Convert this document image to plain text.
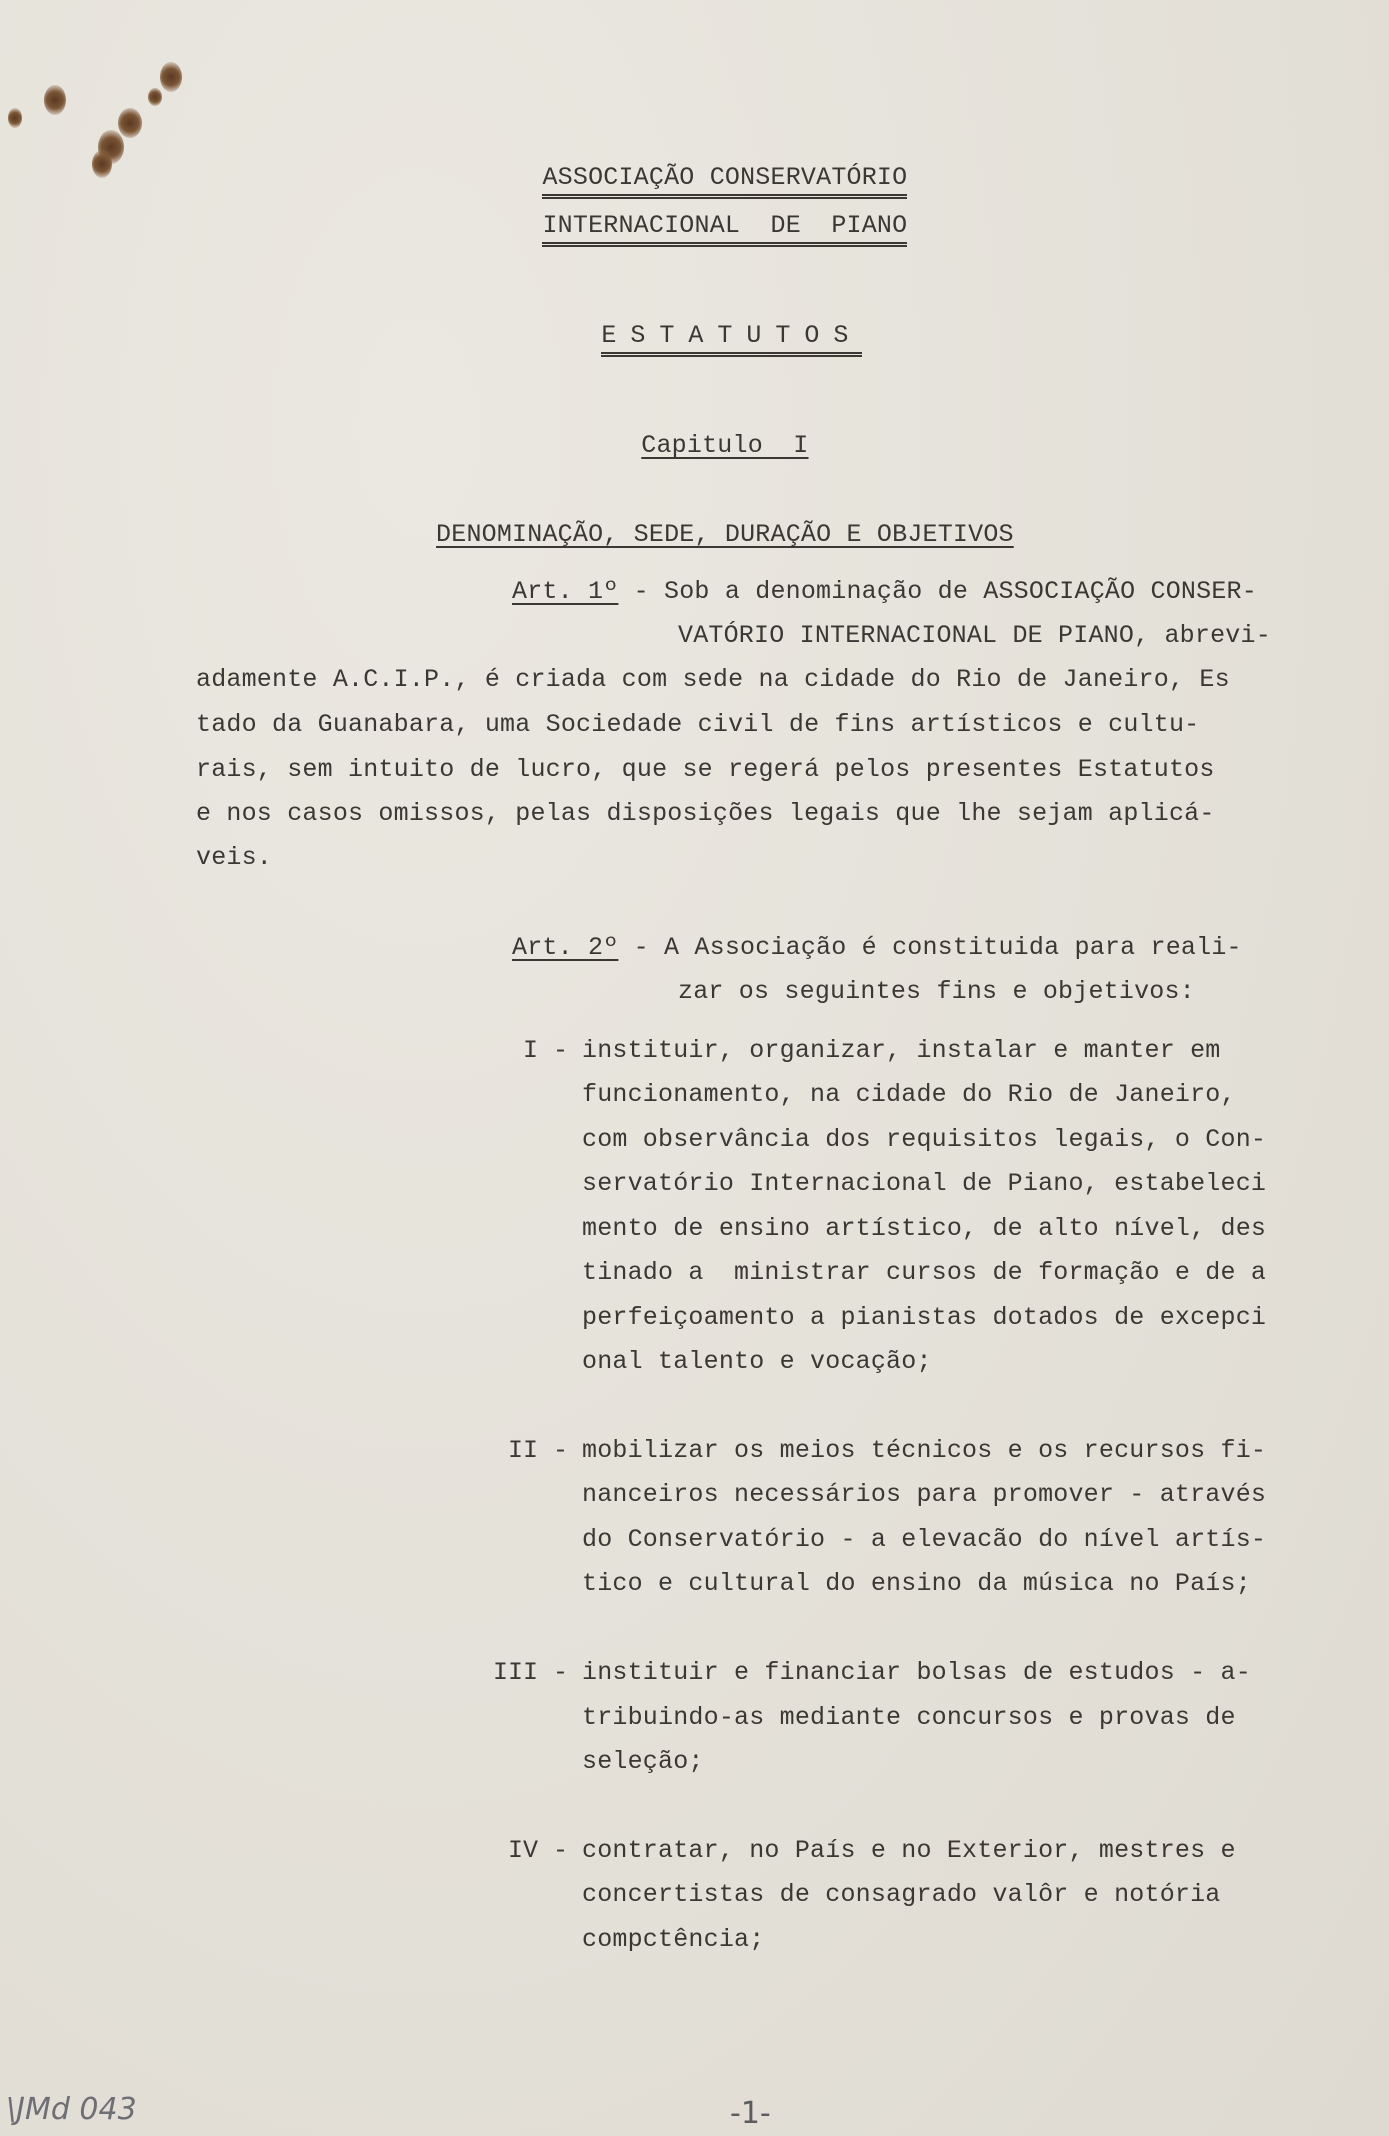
ASSOCIAÇÃO CONSERVATÓRIO

INTERNACIONAL  DE  PIANO

ESTATUTOS

Capitulo  I

DENOMINAÇÃO, SEDE, DURAÇÃO E OBJETIVOS

Art. 1º - Sob a denominação de ASSOCIAÇÃO CONSER-
VATÓRIO INTERNACIONAL DE PIANO, abrevi-
adamente A.C.I.P., é criada com sede na cidade do Rio de Janeiro, Es
tado da Guanabara, uma Sociedade civil de fins artísticos e cultu-
rais, sem intuito de lucro, que se regerá pelos presentes Estatutos
e nos casos omissos, pelas disposições legais que lhe sejam aplicá-
veis.
Art. 2º - A Associação é constituida para reali-
zar os seguintes fins e objetivos:
I - instituir, organizar, instalar e manter em
funcionamento, na cidade do Rio de Janeiro,
com observância dos requisitos legais, o Con-
servatório Internacional de Piano, estabeleci
mento de ensino artístico, de alto nível, des
tinado a  ministrar cursos de formação e de a
perfeiçoamento a pianistas dotados de excepci
onal talento e vocação;
II - mobilizar os meios técnicos e os recursos fi-
nanceiros necessários para promover - através
do Conservatório - a elevacão do nível artís-
tico e cultural do ensino da música no País;
III - instituir e financiar bolsas de estudos - a-
tribuindo-as mediante concursos e provas de
seleção;
IV - contratar, no País e no Exterior, mestres e
concertistas de consagrado valôr e notória
compctência;
\JMd 043	-1-
